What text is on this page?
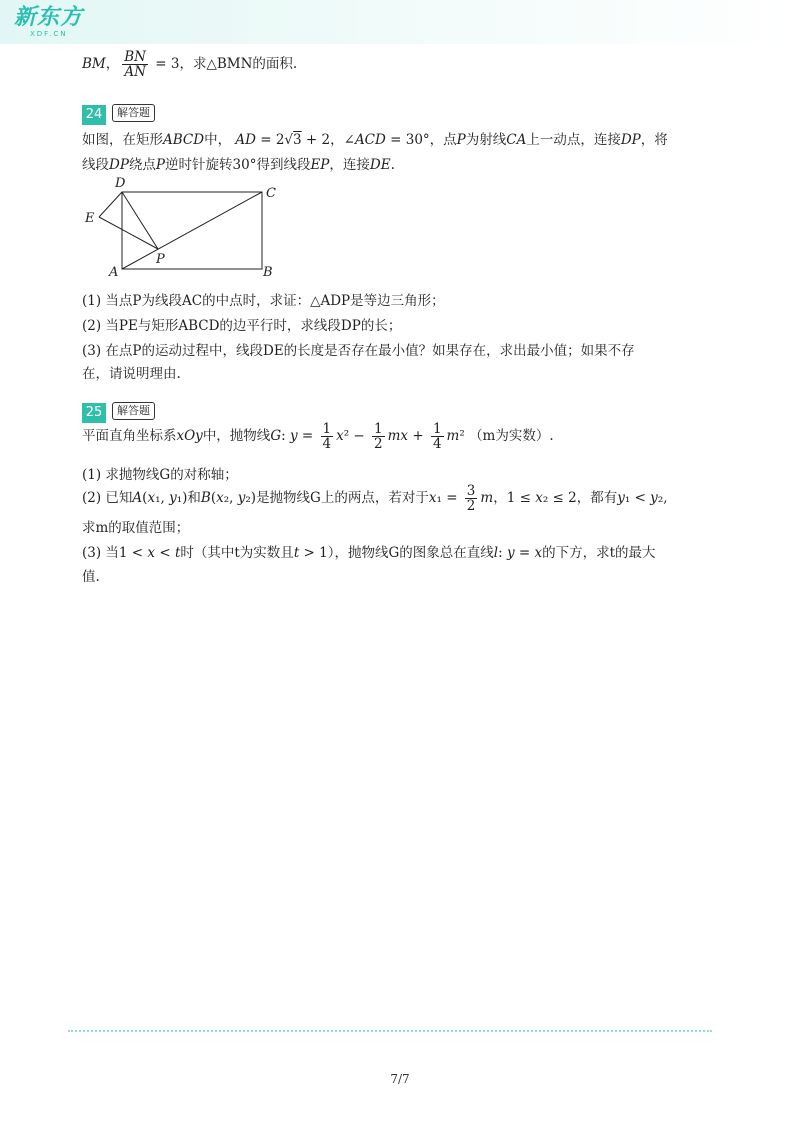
新东方
XDF.CN
BM， $\frac{BN}{AN} = 3$，求△BMN的面积.
24 解答题
如图，在矩形ABCD中， AD = 2√3 + 2，∠ACD = 30°，点P为射线CA上一动点，连接DP，将
线段DP绕点P逆时针旋转30°得到线段EP，连接DE.
(1) 当点P为线段AC的中点时，求证：△ADP是等边三角形；
(2) 当PE与矩形ABCD的边平行时，求线段DP的长；
(3) 在点P的运动过程中，线段DE的长度是否存在最小值？如果存在，求出最小值；如果不存
在，请说明理由.
25 解答题
平面直角坐标系xOy中，抛物线G: $y = \frac{1}{4} x^2 - \frac{1}{2}$ mx + $\frac{1}{4} m^2$ （m为实数）.
(1) 求抛物线G的对称轴；
(2) 已知A(x₁, y₁)和B(x₂, y₂)是抛物线G上的两点，若对于$x_1 = \frac{3}{2}$ m，1 ≤ x₂ ≤ 2，都有y₁ < y₂,
求m的取值范围；
(3) 当1 < x < t时（其中t为实数且t > 1），抛物线G的图象总在直线l: y = x的下方，求t的最大
值.
D
C
E
P
A	B
7/7
